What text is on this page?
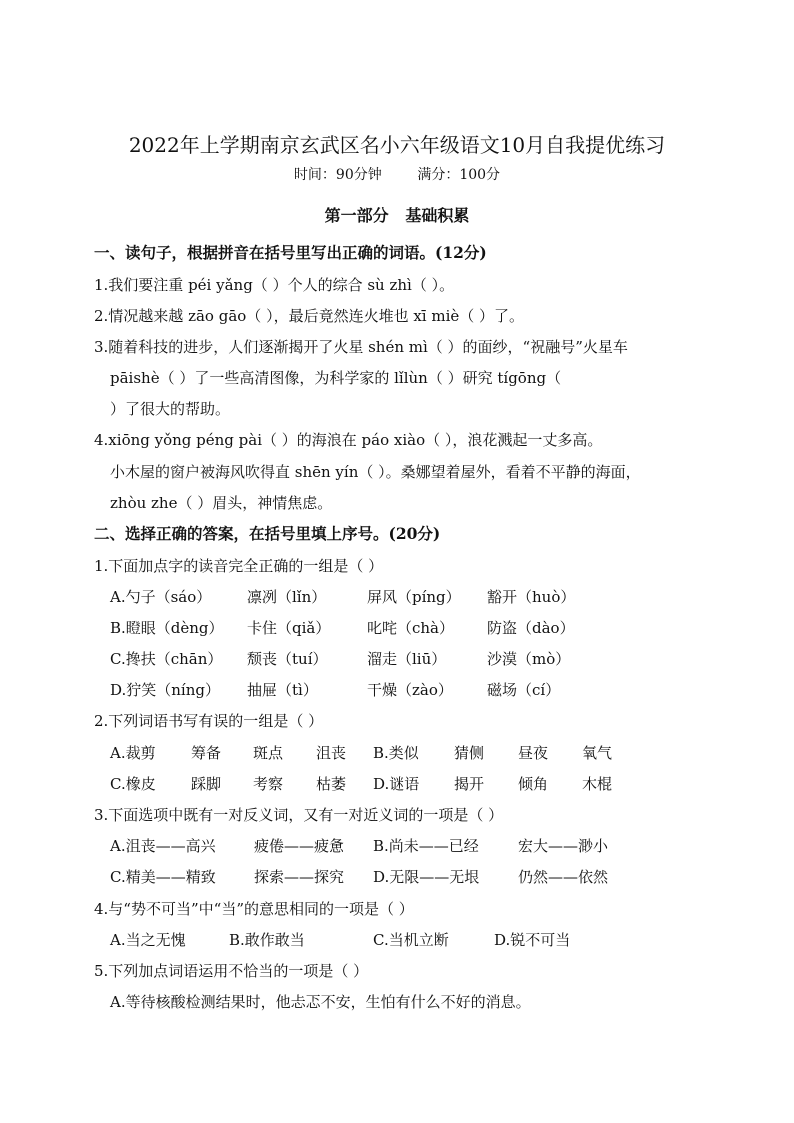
2022年上学期南京玄武区名小六年级语文10月自我提优练习
时间：90分钟        满分：100分
第一部分   基础积累

一、读句子，根据拼音在括号里写出正确的词语。(12分)

1.我们要注重 péi yǎng（ ）个人的综合 sù zhì（ ）。

2.情况越来越 zāo gāo（ ），最后竟然连火堆也 xī miè（ ）了。

3.随着科技的进步，人们逐渐揭开了火星 shén mì（ ）的面纱，“祝融号”火星车

pāishè（ ）了一些高清图像，为科学家的 lǐlùn（ ）研究 tígōng（

）了很大的帮助。

4.xiōng yǒng péng pài（ ）的海浪在 páo xiào（ ），浪花溅起一丈多高。

小木屋的窗户被海风吹得直 shēn yín（ ）。桑娜望着屋外，看着不平静的海面，

zhòu zhe（ ）眉头，神情焦虑。

二、选择正确的答案，在括号里填上序号。(20分)

1.下面加点字的读音完全正确的一组是（ ）

A.勺子（sáo） 凛冽（lǐn）	屏风（píng） 豁开（huò）
B.瞪眼（dèng） 卡住（qiǎ） 叱咤（chà） 防盗（dào）
C.搀扶（chān） 颓丧（tuí）	溜走（liū）	沙漠（mò）
D.狞笑（níng） 抽屉（tì）	干燥（zào） 磁场（cí）

2.下列词语书写有误的一组是（ ）

A.裁剪 筹备 斑点 沮丧 B.类似 猜侧 昼夜 氧气
C.橡皮 踩脚 考察 枯萎 D.谜语 揭开 倾角 木棍

3.下面选项中既有一对反义词，又有一对近义词的一项是（ ）

A.沮丧——高兴	疲倦——疲惫 B.尚未——已经	宏大——渺小
C.精美——精致	探索——探究 D.无限——无垠	仍然——依然

4.与“势不可当”中“当”的意思相同的一项是（ ）

A.当之无愧	B.敢作敢当	C.当机立断	D.锐不可当

5.下列加点词语运用不恰当的一项是（ ）

A.等待核酸检测结果时，他忐忑不安，生怕有什么不好的消息。
